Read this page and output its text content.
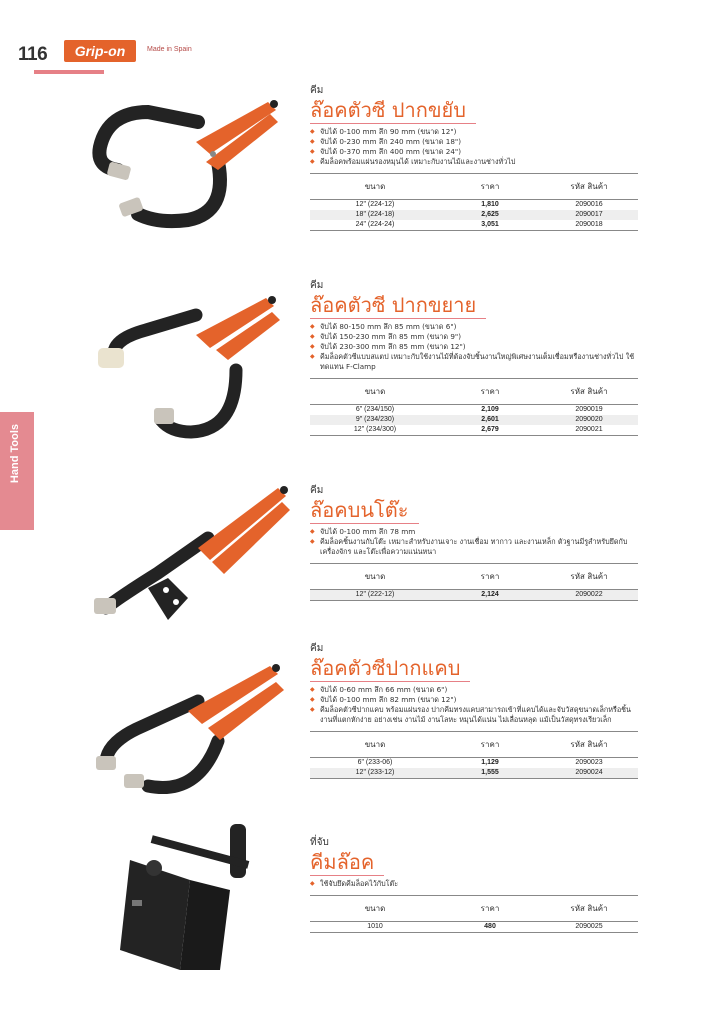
116	Grip-on	Made in Spain
Hand Tools
คีม
ล๊อคตัวซี ปากขยับ
◆ จับได้ 0-100 mm ลึก 90 mm (ขนาด 12")
◆ จับได้ 0-230 mm ลึก 240 mm (ขนาด 18")
◆ จับได้ 0-370 mm ลึก 400 mm (ขนาด 24")
◆ คีมล็อคพร้อมแผ่นรองหมุนได้ เหมาะกับงานไม้และงานช่างทั่วไป
ขนาด	ราคา	รหัส สินค้า
12" (224-12)	1,810	2090016
18" (224-18)	2,625	2090017
24" (224-24)	3,051	2090018
คีม
ล๊อคตัวซี ปากขยาย
◆ จับได้ 80-150 mm ลึก 85 mm (ขนาด 6")
◆ จับได้ 150-230 mm ลึก 85 mm (ขนาด 9")
◆ จับได้ 230-300 mm ลึก 85 mm (ขนาด 12")
◆ คีมล็อคตัวซีแบบสแตป เหมาะกับใช้งานไม้ที่ต้องจับชิ้นงานใหญ่พิเศษงานเต็มเชื่อมหรืองานช่างทั่วไป ใช้ทดแทน F-Clamp
ขนาด	ราคา	รหัส สินค้า
6" (234/150)	2,109	2090019
9" (234/230)	2,601	2090020
12" (234/300)	2,679	2090021
คีม
ล๊อคบนโต๊ะ
◆ จับได้ 0-100 mm ลึก 78 mm
◆ คีมล็อคชิ้นงานกับโต๊ะ เหมาะสำหรับงานเจาะ งานเชื่อม ทากาว และงานเหล็ก ตัวฐานมีรูสำหรับยึดกับเครื่องจักร และโต๊ะเพื่อความแน่นหนา
ขนาด	ราคา	รหัส สินค้า
12" (222-12)	2,124	2090022
คีม
ล๊อคตัวซีปากแคบ
◆ จับได้ 0-60 mm ลึก 66 mm (ขนาด 6")
◆ จับได้ 0-100 mm ลึก 82 mm (ขนาด 12")
◆ คีมล็อคตัวซีปากแคบ พร้อมแผ่นรอง ปากคีมทรงแคบสามารถเข้าที่แคบได้และจับวัสดุขนาดเล็กหรือชิ้นงานที่แตกหักง่าย อย่างเช่น งานไม้ งานโลหะ หมุนได้แน่น ไม่เลื่อนหลุด แม้เป็นวัสดุทรงเรียวเล็ก
ขนาด	ราคา	รหัส สินค้า
6" (233-06)	1,129	2090023
12" (233-12)	1,555	2090024
ที่จับ
คีมล๊อค
◆ ใช้จับยึดคีมล็อคไว้กับโต๊ะ
ขนาด	ราคา	รหัส สินค้า
1010	480	2090025
